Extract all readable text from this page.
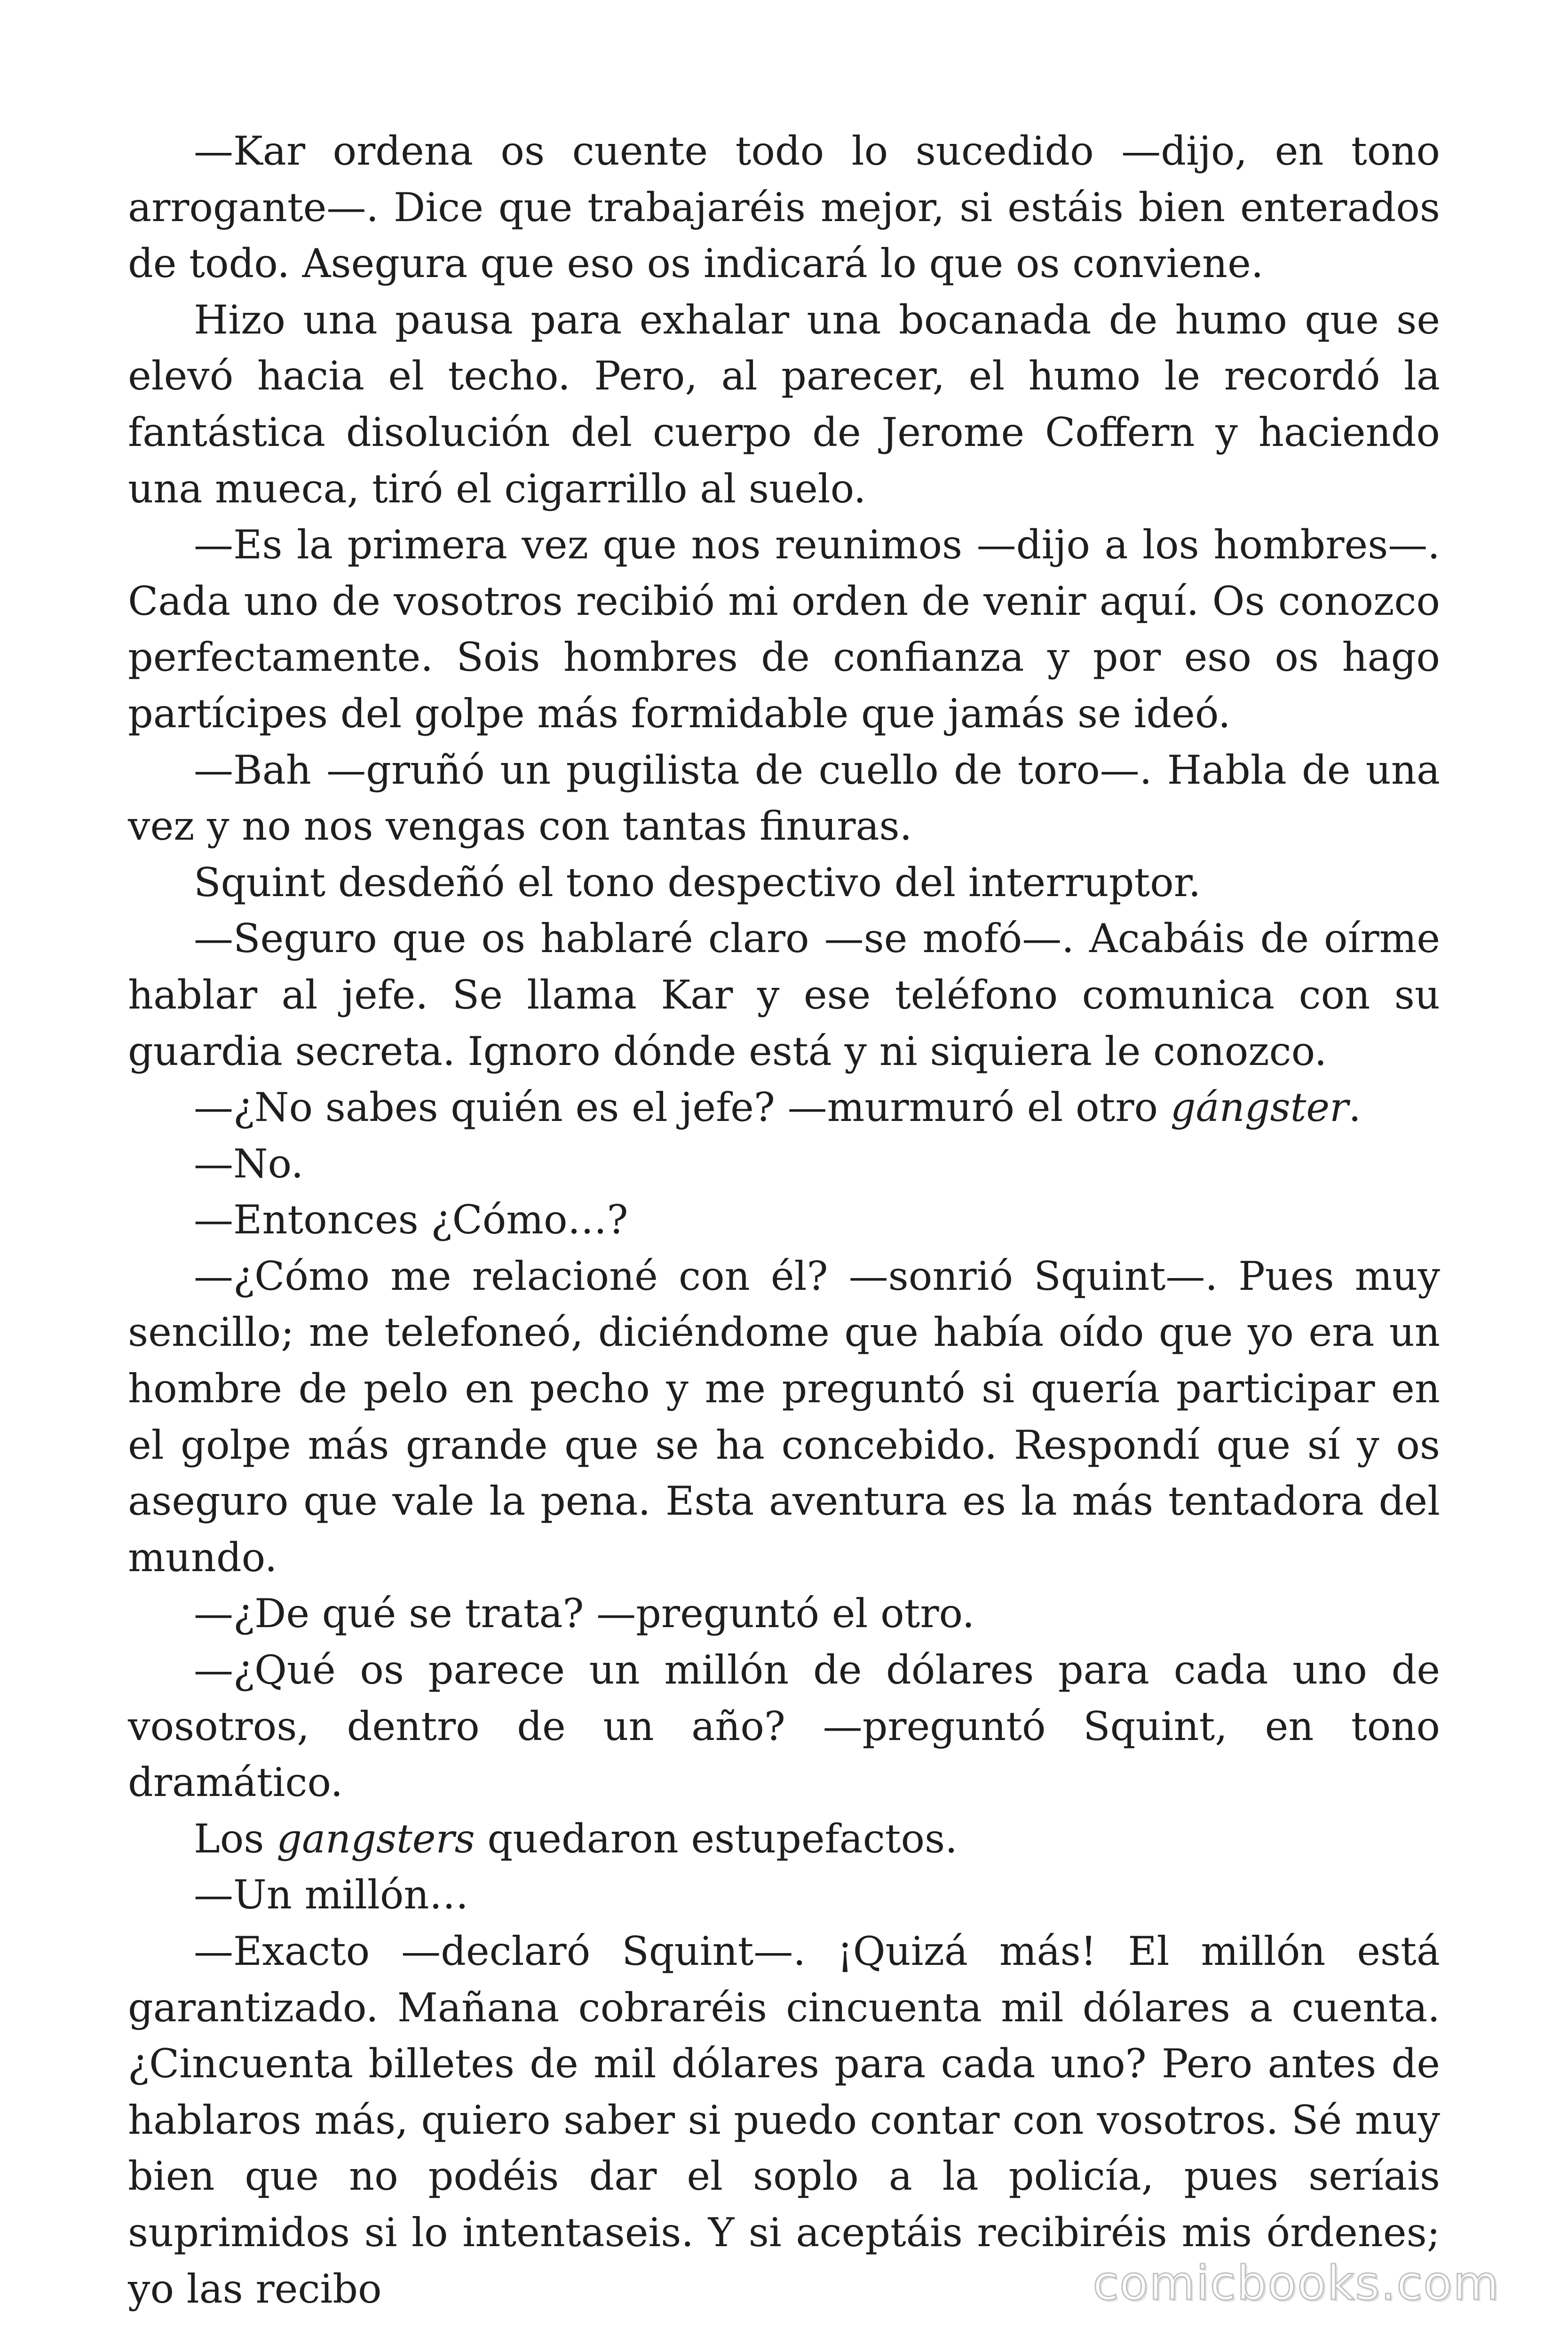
—Kar ordena os cuente todo lo sucedido —dijo, en tono arrogante—. Dice que trabajaréis mejor, si estáis bien enterados de todo. Asegura que eso os indicará lo que os conviene.

Hizo una pausa para exhalar una bocanada de humo que se elevó hacia el techo. Pero, al parecer, el humo le recordó la fantástica disolución del cuerpo de Jerome Coffern y haciendo una mueca, tiró el cigarrillo al suelo.

—Es la primera vez que nos reunimos —dijo a los hombres—. Cada uno de vosotros recibió mi orden de venir aquí. Os conozco perfectamente. Sois hombres de confianza y por eso os hago partícipes del golpe más formidable que jamás se ideó.

—Bah —gruñó un pugilista de cuello de toro—. Habla de una vez y no nos vengas con tantas finuras.

Squint desdeñó el tono despectivo del interruptor.

—Seguro que os hablaré claro —se mofó—. Acabáis de oírme hablar al jefe. Se llama Kar y ese teléfono comunica con su guardia secreta. Ignoro dónde está y ni siquiera le conozco.

—¿No sabes quién es el jefe? —murmuró el otro gángster.

—No.

—Entonces ¿Cómo…?

—¿Cómo me relacioné con él? —sonrió Squint—. Pues muy sencillo; me telefoneó, diciéndome que había oído que yo era un hombre de pelo en pecho y me preguntó si quería participar en el golpe más grande que se ha concebido. Respondí que sí y os aseguro que vale la pena. Esta aventura es la más tentadora del mundo.

—¿De qué se trata? —preguntó el otro.

—¿Qué os parece un millón de dólares para cada uno de vosotros, dentro de un año? —preguntó Squint, en tono dramático.

Los gangsters quedaron estupefactos.

—Un millón…

—Exacto —declaró Squint—. ¡Quizá más! El millón está garantizado. Mañana cobraréis cincuenta mil dólares a cuenta. ¿Cincuenta billetes de mil dólares para cada uno? Pero antes de hablaros más, quiero saber si puedo contar con vosotros. Sé muy bien que no podéis dar el soplo a la policía, pues seríais suprimidos si lo intentaseis. Y si aceptáis recibiréis mis órdenes; yo las recibo	comicbooks.com
